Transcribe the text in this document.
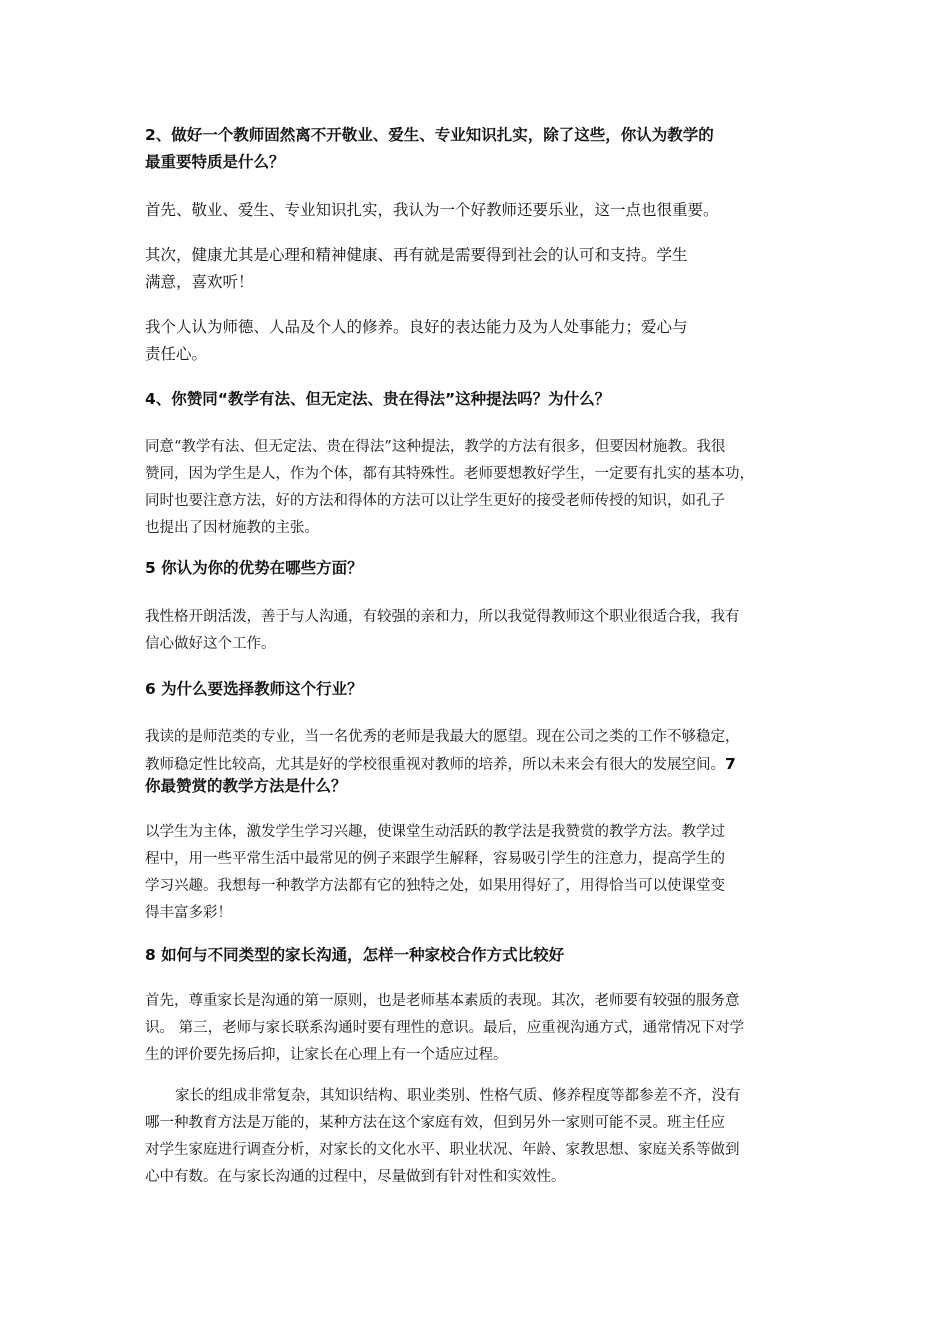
2、做好一个教师固然离不开敬业、爱生、专业知识扎实，除了这些，你认为教学的
最重要特质是什么？
首先、敬业、爱生、专业知识扎实，我认为一个好教师还要乐业，这一点也很重要。
其次，健康尤其是心理和精神健康、再有就是需要得到社会的认可和支持。学生
满意，喜欢听！
我个人认为师德、人品及个人的修养。良好的表达能力及为人处事能力；爱心与
责任心。
4、你赞同“教学有法、但无定法、贵在得法”这种提法吗？为什么？
同意“教学有法、但无定法、贵在得法”这种提法，教学的方法有很多，但要因材施教。我很
赞同，因为学生是人，作为个体，都有其特殊性。老师要想教好学生，一定要有扎实的基本功，
同时也要注意方法，好的方法和得体的方法可以让学生更好的接受老师传授的知识，如孔子
也提出了因材施教的主张。
5 你认为你的优势在哪些方面？
我性格开朗活泼，善于与人沟通，有较强的亲和力，所以我觉得教师这个职业很适合我，我有
信心做好这个工作。
6 为什么要选择教师这个行业？
我读的是师范类的专业，当一名优秀的老师是我最大的愿望。现在公司之类的工作不够稳定，
教师稳定性比较高，尤其是好的学校很重视对教师的培养，所以未来会有很大的发展空间。7
你最赞赏的教学方法是什么？
以学生为主体，激发学生学习兴趣，使课堂生动活跃的教学法是我赞赏的教学方法。教学过
程中，用一些平常生活中最常见的例子来跟学生解释，容易吸引学生的注意力，提高学生的
学习兴趣。我想每一种教学方法都有它的独特之处，如果用得好了，用得恰当可以使课堂变
得丰富多彩！
8 如何与不同类型的家长沟通，怎样一种家校合作方式比较好
首先，尊重家长是沟通的第一原则，也是老师基本素质的表现。其次，老师要有较强的服务意
识。 第三，老师与家长联系沟通时要有理性的意识。最后，应重视沟通方式，通常情况下对学
生的评价要先扬后抑，让家长在心理上有一个适应过程。
家长的组成非常复杂，其知识结构、职业类别、性格气质、修养程度等都参差不齐，没有
哪一种教育方法是万能的，某种方法在这个家庭有效，但到另外一家则可能不灵。班主任应
对学生家庭进行调查分析，对家长的文化水平、职业状况、年龄、家教思想、家庭关系等做到
心中有数。在与家长沟通的过程中，尽量做到有针对性和实效性。
